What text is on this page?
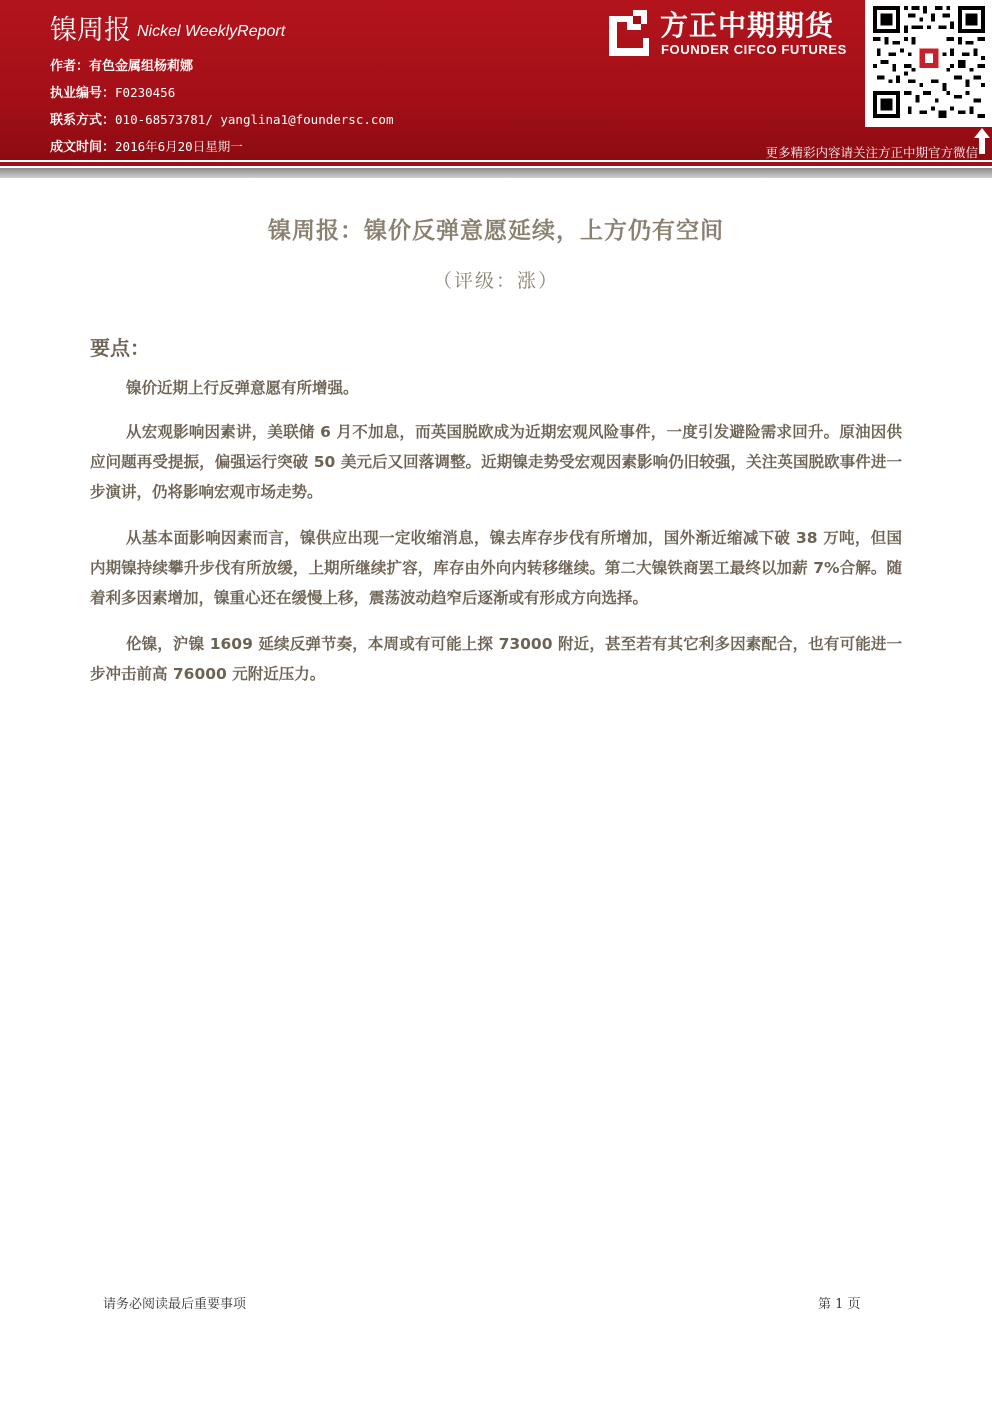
镍周报 Nickel WeeklyReport
作者：有色金属组杨莉娜
执业编号：F0230456
联系方式：010-68573781/ yanglina1@foundersc.com
成文时间：2016年6月20日星期一
方正中期期货
FOUNDER CIFCO FUTURES
更多精彩内容请关注方正中期官方微信
镍周报：镍价反弹意愿延续，上方仍有空间
（评级：涨）
要点：

镍价近期上行反弹意愿有所增强。

从宏观影响因素讲，美联储 6 月不加息，而英国脱欧成为近期宏观风险事件，一度引发避险需求回升。原油因供应问题再受提振，偏强运行突破 50 美元后又回落调整。近期镍走势受宏观因素影响仍旧较强，关注英国脱欧事件进一步演讲，仍将影响宏观市场走势。

从基本面影响因素而言，镍供应出现一定收缩消息，镍去库存步伐有所增加，国外渐近缩减下破 38 万吨，但国内期镍持续攀升步伐有所放缓，上期所继续扩容，库存由外向内转移继续。第二大镍铁商罢工最终以加薪 7%合解。随着利多因素增加，镍重心还在缓慢上移，震荡波动趋窄后逐渐或有形成方向选择。

伦镍，沪镍 1609 延续反弹节奏，本周或有可能上探 73000 附近，甚至若有其它利多因素配合，也有可能进一步冲击前高 76000 元附近压力。

请务必阅读最后重要事项	第 1 页
